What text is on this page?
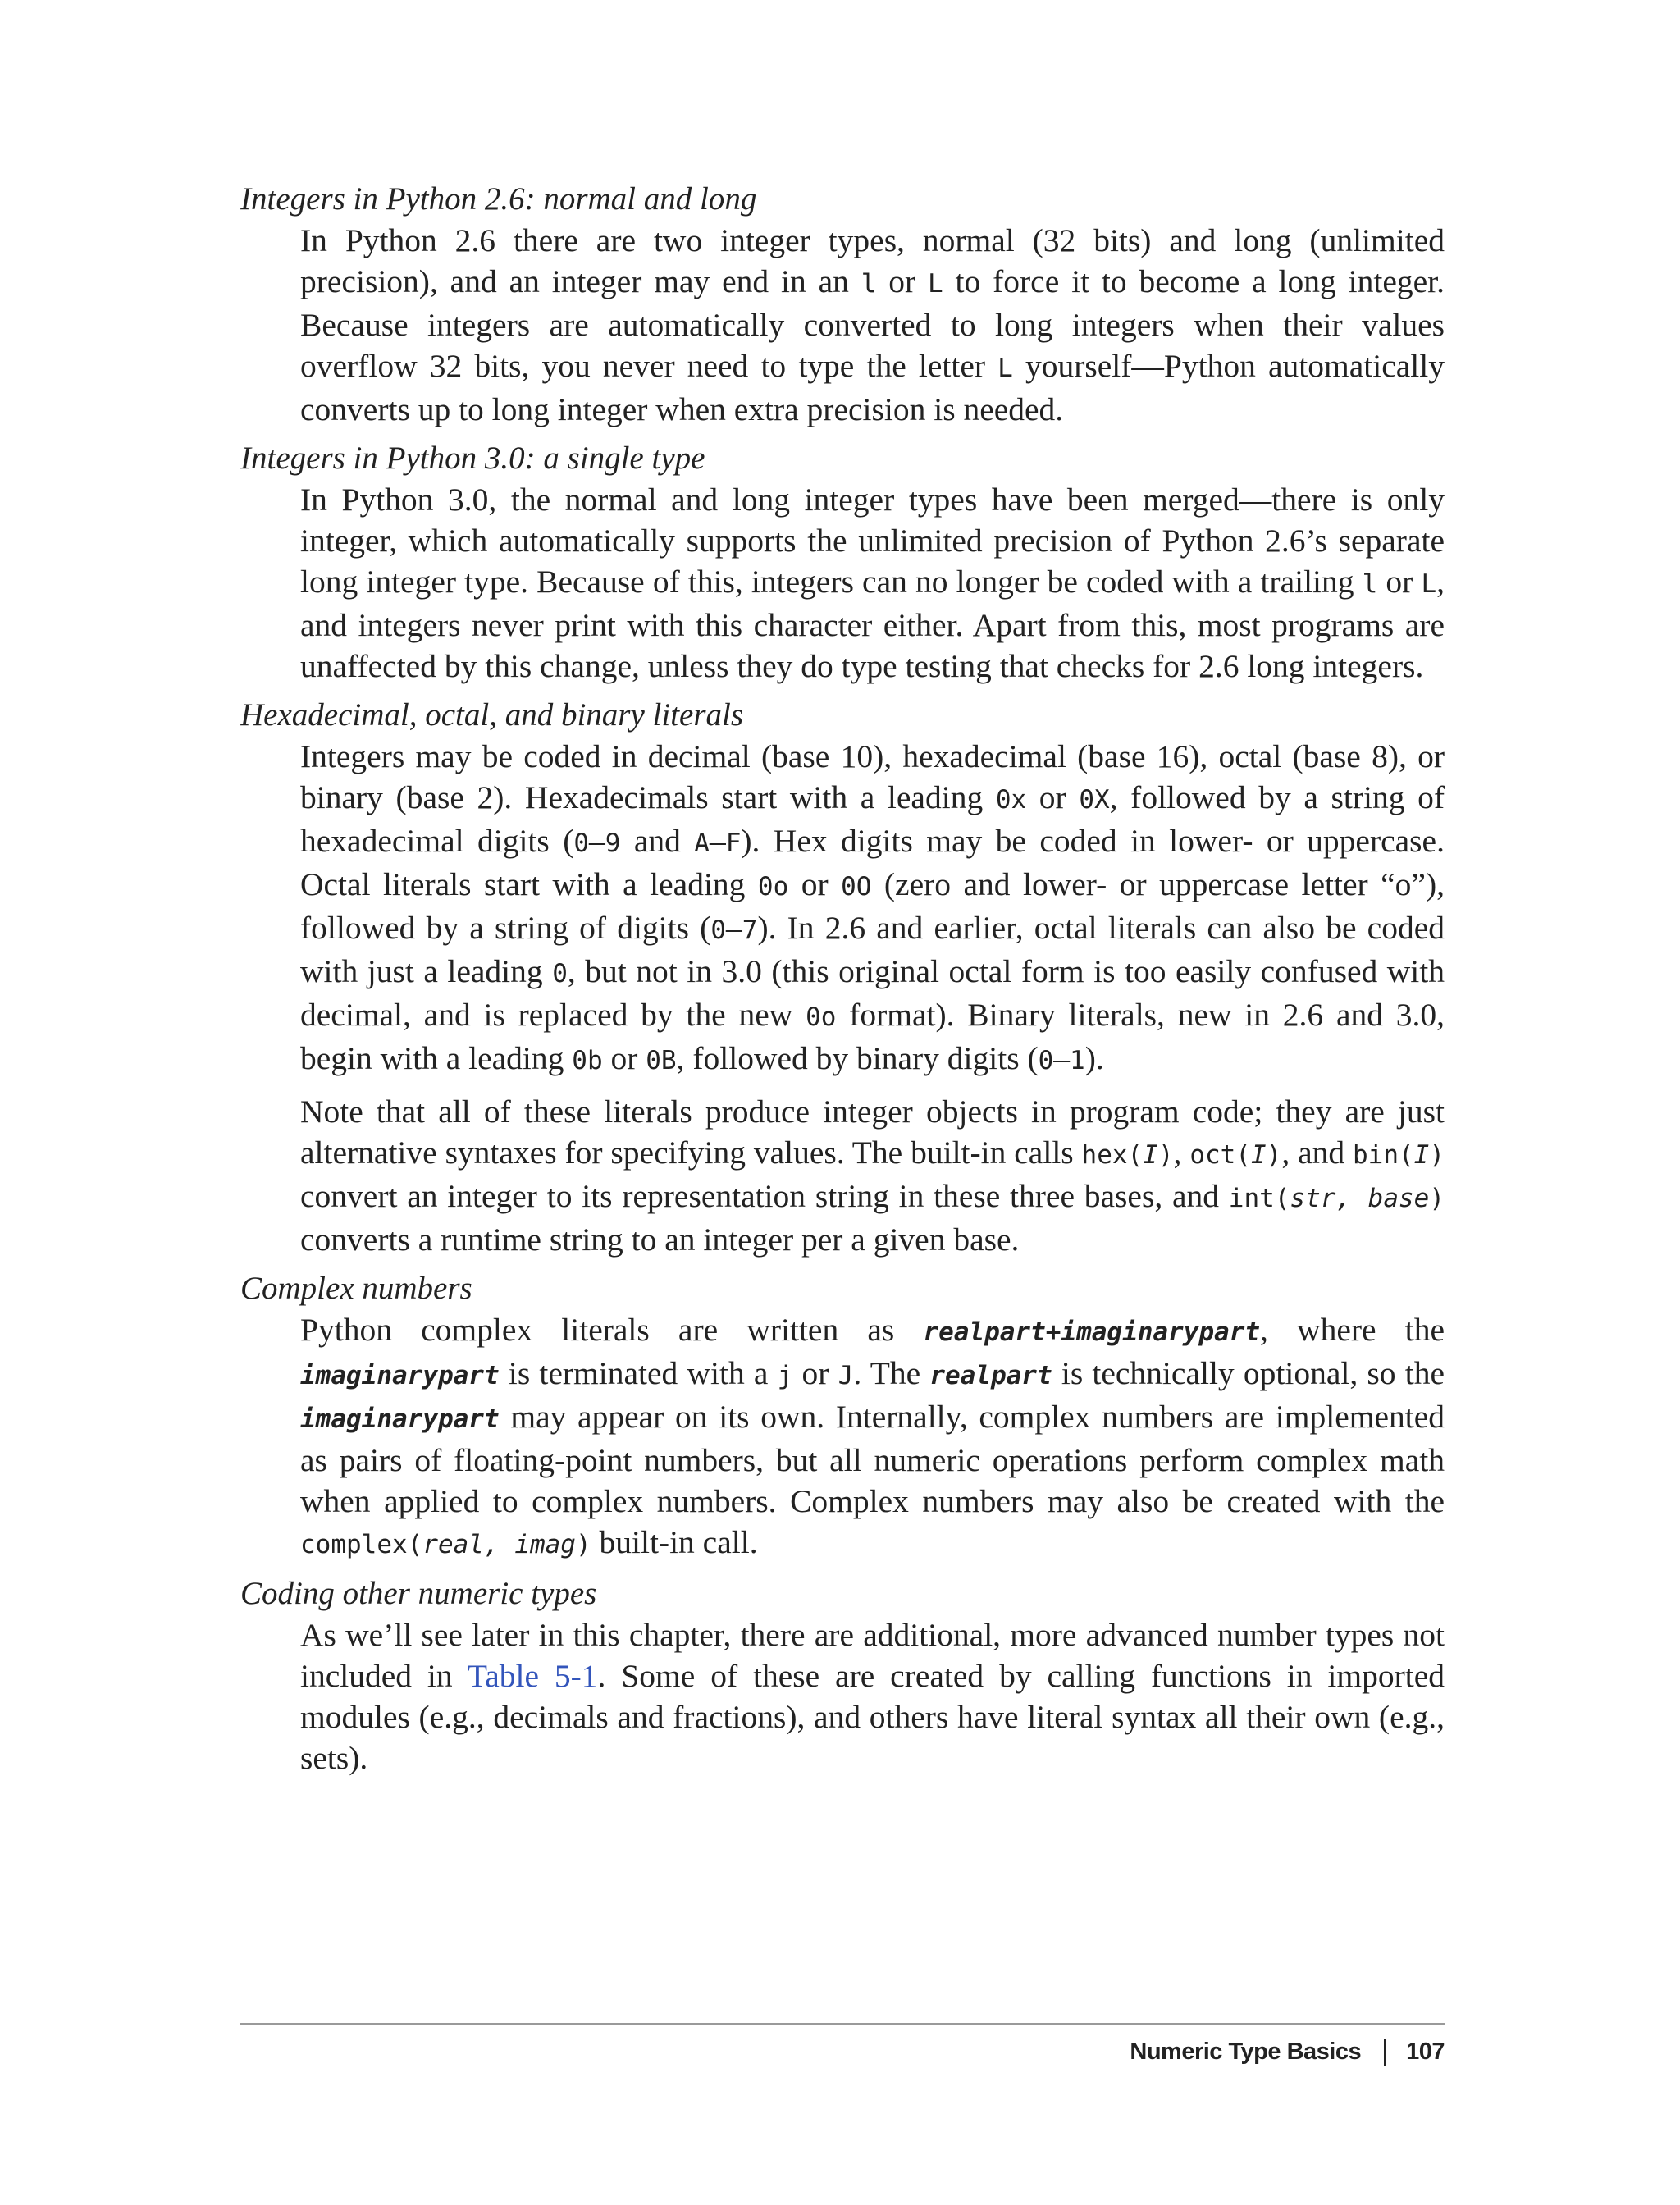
Integers in Python 2.6: normal and long

In Python 2.6 there are two integer types, normal (32 bits) and long (unlimited precision), and an integer may end in an l or L to force it to become a long integer. Because integers are automatically converted to long integers when their values overflow 32 bits, you never need to type the letter L yourself—Python automatically converts up to long integer when extra precision is needed.

Integers in Python 3.0: a single type

In Python 3.0, the normal and long integer types have been merged—there is only integer, which automatically supports the unlimited precision of Python 2.6’s separate long integer type. Because of this, integers can no longer be coded with a trailing l or L, and integers never print with this character either. Apart from this, most programs are unaffected by this change, unless they do type testing that checks for 2.6 long integers.

Hexadecimal, octal, and binary literals

Integers may be coded in decimal (base 10), hexadecimal (base 16), octal (base 8), or binary (base 2). Hexadecimals start with a leading 0x or 0X, followed by a string of hexadecimal digits (0–9 and A–F). Hex digits may be coded in lower- or uppercase. Octal literals start with a leading 0o or 0O (zero and lower- or uppercase letter “o”), followed by a string of digits (0–7). In 2.6 and earlier, octal literals can also be coded with just a leading 0, but not in 3.0 (this original octal form is too easily confused with decimal, and is replaced by the new 0o format). Binary literals, new in 2.6 and 3.0, begin with a leading 0b or 0B, followed by binary digits (0–1).

Note that all of these literals produce integer objects in program code; they are just alternative syntaxes for specifying values. The built-in calls hex(I), oct(I), and bin(I) convert an integer to its representation string in these three bases, and int(str, base) converts a runtime string to an integer per a given base.

Complex numbers

Python complex literals are written as realpart+imaginarypart, where the imaginarypart is terminated with a j or J. The realpart is technically optional, so the imaginarypart may appear on its own. Internally, complex numbers are implemented as pairs of floating-point numbers, but all numeric operations perform complex math when applied to complex numbers. Complex numbers may also be created with the complex(real, imag) built-in call.

Coding other numeric types

As we’ll see later in this chapter, there are additional, more advanced number types not included in Table 5-1. Some of these are created by calling functions in imported modules (e.g., decimals and fractions), and others have literal syntax all their own (e.g., sets).

Numeric Type Basics 107
